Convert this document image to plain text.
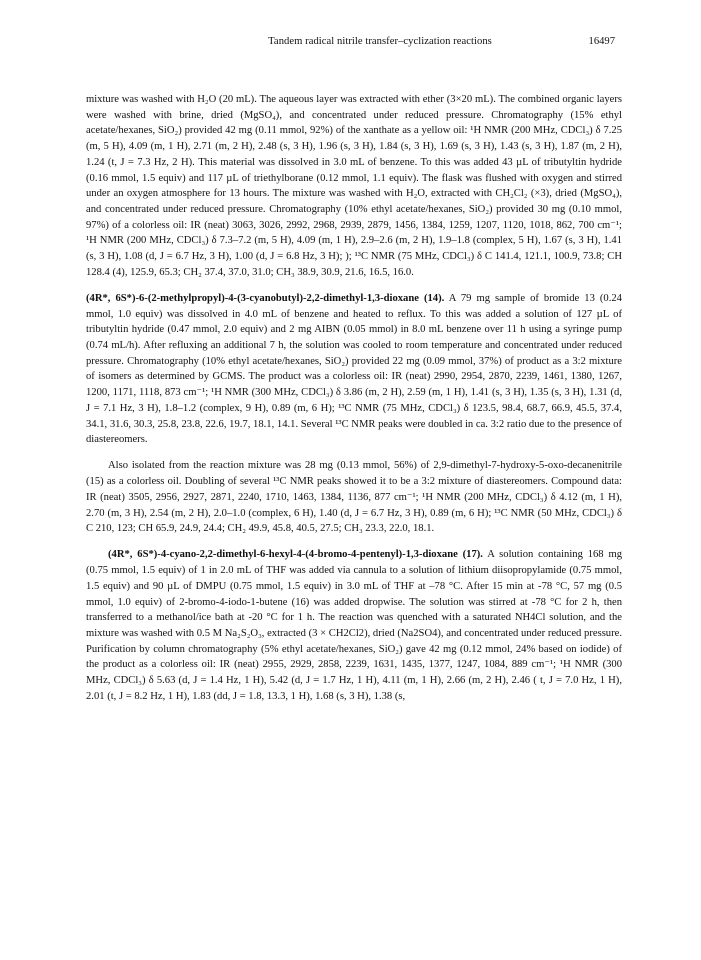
Tandem radical nitrile transfer–cyclization reactions	16497

mixture was washed with H₂O (20 mL). The aqueous layer was extracted with ether (3×20 mL). The combined organic layers were washed with brine, dried (MgSO₄), and concentrated under reduced pressure. Chromatography (15% ethyl acetate/hexanes, SiO₂) provided 42 mg (0.11 mmol, 92%) of the xanthate as a yellow oil: ¹H NMR (200 MHz, CDCl₃) δ 7.25 (m, 5 H), 4.09 (m, 1 H), 2.71 (m, 2 H), 2.48 (s, 3 H), 1.96 (s, 3 H), 1.84 (s, 3 H), 1.69 (s, 3 H), 1.43 (s, 3 H), 1.87 (m, 2 H), 1.24 (t, J = 7.3 Hz, 2 H). This material was dissolved in 3.0 mL of benzene. To this was added 43 µL of tributyltin hydride (0.16 mmol, 1.5 equiv) and 117 µL of triethylborane (0.12 mmol, 1.1 equiv). The flask was flushed with oxygen and stirred under an oxygen atmosphere for 13 hours. The mixture was washed with H₂O, extracted with CH₂Cl₂ (×3), dried (MgSO₄), and concentrated under reduced pressure. Chromatography (10% ethyl acetate/hexanes, SiO₂) provided 30 mg (0.10 mmol, 97%) of a colorless oil: IR (neat) 3063, 3026, 2992, 2968, 2939, 2879, 1456, 1384, 1259, 1207, 1120, 1018, 862, 700 cm⁻¹; ¹H NMR (200 MHz, CDCl₃) δ 7.3–7.2 (m, 5 H), 4.09 (m, 1 H), 2.9–2.6 (m, 2 H), 1.9–1.8 (complex, 5 H), 1.67 (s, 3 H), 1.41 (s, 3 H), 1.08 (d, J = 6.7 Hz, 3 H), 1.00 (d, J = 6.8 Hz, 3 H); ); ¹³C NMR (75 MHz, CDCl₃) δ C 141.4, 121.1, 100.9, 73.8; CH 128.4 (4), 125.9, 65.3; CH₂ 37.4, 37.0, 31.0; CH₃ 38.9, 30.9, 21.6, 16.5, 16.0.

(4R*, 6S*)-6-(2-methylpropyl)-4-(3-cyanobutyl)-2,2-dimethyl-1,3-dioxane (14). A 79 mg sample of bromide 13 (0.24 mmol, 1.0 equiv) was dissolved in 4.0 mL of benzene and heated to reflux. To this was added a solution of 127 µL of tributyltin hydride (0.47 mmol, 2.0 equiv) and 2 mg AIBN (0.05 mmol) in 8.0 mL benzene over 11 h using a syringe pump (0.74 mL/h). After refluxing an additional 7 h, the solution was cooled to room temperature and concentrated under reduced pressure. Chromatography (10% ethyl acetate/hexanes, SiO₂) provided 22 mg (0.09 mmol, 37%) of product as a 3:2 mixture of isomers as determined by GCMS. The product was a colorless oil: IR (neat) 2990, 2954, 2870, 2239, 1461, 1380, 1267, 1200, 1171, 1118, 873 cm⁻¹; ¹H NMR (300 MHz, CDCl₃) δ 3.86 (m, 2 H), 2.59 (m, 1 H), 1.41 (s, 3 H), 1.35 (s, 3 H), 1.31 (d, J = 7.1 Hz, 3 H), 1.8–1.2 (complex, 9 H), 0.89 (m, 6 H); ¹³C NMR (75 MHz, CDCl₃) δ 123.5, 98.4, 68.7, 66.9, 45.5, 37.4, 34.1, 31.6, 30.3, 25.8, 23.8, 22.6, 19.7, 18.1, 14.1. Several ¹³C NMR peaks were doubled in ca. 3:2 ratio due to the presence of diastereomers.

Also isolated from the reaction mixture was 28 mg (0.13 mmol, 56%) of 2,9-dimethyl-7-hydroxy-5-oxo-decanenitrile (15) as a colorless oil. Doubling of several ¹³C NMR peaks showed it to be a 3:2 mixture of diastereomers. Compound data: IR (neat) 3505, 2956, 2927, 2871, 2240, 1710, 1463, 1384, 1136, 877 cm⁻¹; ¹H NMR (200 MHz, CDCl₃) δ 4.12 (m, 1 H), 2.70 (m, 3 H), 2.54 (m, 2 H), 2.0–1.0 (complex, 6 H), 1.40 (d, J = 6.7 Hz, 3 H), 0.89 (m, 6 H); ¹³C NMR (50 MHz, CDCl₃) δ C 210, 123; CH 65.9, 24.9, 24.4; CH₂ 49.9, 45.8, 40.5, 27.5; CH₃ 23.3, 22.0, 18.1.

(4R*, 6S*)-4-cyano-2,2-dimethyl-6-hexyl-4-(4-bromo-4-pentenyl)-1,3-dioxane (17). A solution containing 168 mg (0.75 mmol, 1.5 equiv) of 1 in 2.0 mL of THF was added via cannula to a solution of lithium diisopropylamide (0.75 mmol, 1.5 equiv) and 90 µL of DMPU (0.75 mmol, 1.5 equiv) in 3.0 mL of THF at –78 °C. After 15 min at -78 °C, 57 mg (0.5 mmol, 1.0 equiv) of 2-bromo-4-iodo-1-butene (16) was added dropwise. The solution was stirred at -78 °C for 2 h, then transferred to a methanol/ice bath at -20 °C for 1 h. The reaction was quenched with a saturated NH4Cl solution, and the mixture was washed with 0.5 M Na₂S₂O₃, extracted (3 × CH2Cl2), dried (Na2SO4), and concentrated under reduced pressure. Purification by column chromatography (5% ethyl acetate/hexanes, SiO₂) gave 42 mg (0.12 mmol, 24% based on iodide) of the product as a colorless oil: IR (neat) 2955, 2929, 2858, 2239, 1631, 1435, 1377, 1247, 1084, 889 cm⁻¹; ¹H NMR (300 MHz, CDCl₃) δ 5.63 (d, J = 1.4 Hz, 1 H), 5.42 (d, J = 1.7 Hz, 1 H), 4.11 (m, 1 H), 2.66 (m, 2 H), 2.46 ( t, J = 7.0 Hz, 1 H), 2.01 (t, J = 8.2 Hz, 1 H), 1.83 (dd, J = 1.8, 13.3, 1 H), 1.68 (s, 3 H), 1.38 (s,
